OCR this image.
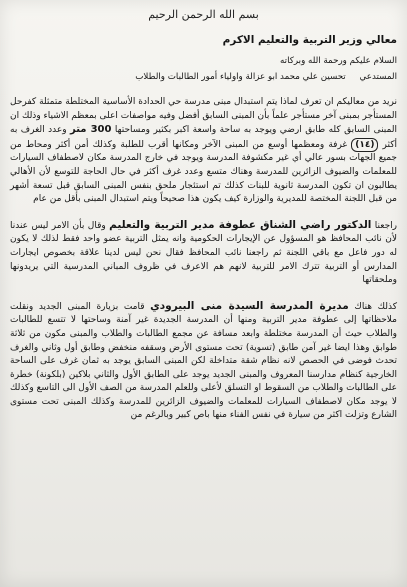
بسم الله الرحمن الرحيم
معالي وزير التربية والتعليم الاكرم
السلام عليكم ورحمة الله وبركاته
المستدعي     تحسين علي محمد ابو عزالة واولياء أمور الطالبات والطلاب

نريد من معاليكم ان تعرف لماذا يتم استبدال مبنى مدرسة حي الحدادة الأساسية المختلطة متمثلة كفرحل المستأجر بمبنى آخر مستأجر علماً بأن المبنى السابق أفضل وفيه مواصفات اعلى بمعظم الاشياء وذلك ان المبنى السابق كله طابق ارضي ويوجد به ساحة واسعة اكبر بكثير ومساحتها 300 متر وعدد الغرف به أكثر (١٤) غرفة ومعظمها أوسع من المبنى الآخر ومكانها أقرب للطلبة وكذلك أمن أكثر ومحاط من جميع الجهات بسور عالي أي غير مكشوفة المدرسة ويوجد في خارج المدرسة مكان لاصطفاف السيارات للمعلمات والضيوف الزائرين للمدرسة وهناك متسع وعدد غرف أكثر في حال الحاجة للتوسع لأن الأهالي يطالبون ان تكون المدرسة ثانوية للبنات كذلك تم استئجار ملحق بنفس المبنى السابق قبل تسعة أشهر من قبل اللجنة المختصة للمديرية والوزارة كيف يكون هذا صحيحاً ويتم استبدال المبنى بأقل من عام

راجعنا الدكتور راضي الشناق عطوفة مدير التربية والتعليم وقال بأن الامر ليس عندنا لأن نائب المحافظ هو المسؤول عن الإيجارات الحكومية وانه يمثل التربية عضو واحد فقط لذلك لا يكون له دور فاعل مع باقي اللجنة ثم راجعنا نائب المحافظ فقال نحن ليس لدينا علاقة بخصوص ايجارات المدارس أو التربية تترك الامر للتربية لانهم هم الاعرف في ظروف المباني المدرسية التي يريدونها وملحقاتها

كذلك هناك مديرة المدرسة السيدة منى البيرودي قامت بزيارة المبنى الجديد ونقلت ملاحظاتها إلى عطوفة مدير التربية ومنها أن المدرسة الجديدة غير آمنة وساحتها لا تتسع للطالبات والطلاب حيث أن المدرسة مختلطة وابعد مسافة عن مجمع الطالبات والطلاب والمبنى مكون من ثلاثة طوابق وهذا ايضا غير آمن طابق (تسوية) تحت مستوى الأرض وسقفه منخفض وطابق أول وثاني والغرف تحدث فوضى في الحصص لانه نظام شقة متداخلة لكن المبنى السابق يوجد به ثمان غرف على الساحة الخارجية كنظام مدارسنا المعروف والمبنى الجديد يوجد على الطابق الأول والثاني بلاكين (بلكونة) خطرة على الطالبات والطلاب من السقوط او التسلق لأعلى وللعلم المدرسة من الصف الأول الى التاسع وكذلك لا يوجد مكان لاصطفاف السيارات للمعلمات والضيوف الزائرين للمدرسة وكذلك المبنى تحت مستوى الشارع وتزلت اكثر من سيارة في نفس الفناء منها باص كبير وبالرغم من
